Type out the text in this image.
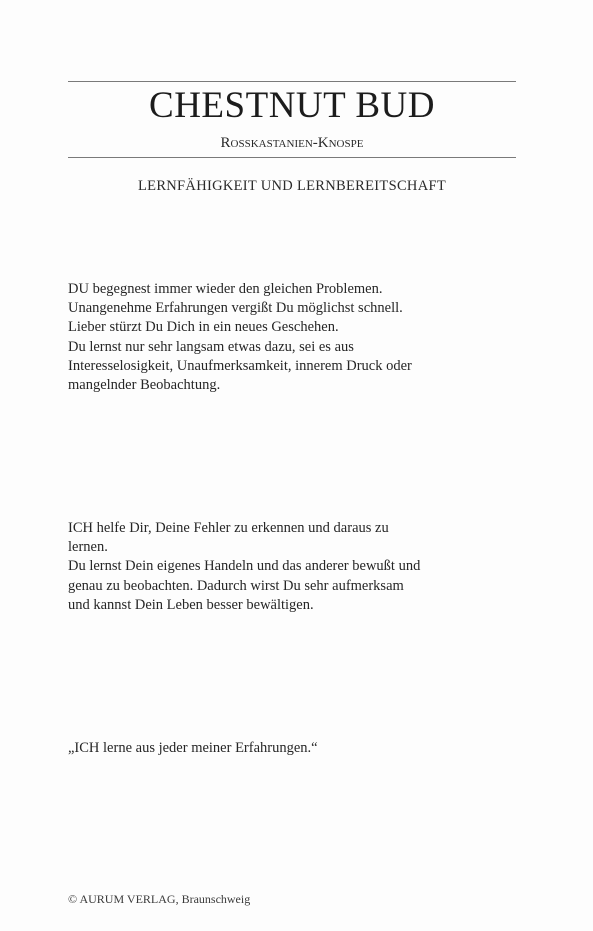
CHESTNUT BUD
Rosskastanien-Knospe
LERNFÄHIGKEIT UND LERNBEREITSCHAFT
DU begegnest immer wieder den gleichen Problemen.
Unangenehme Erfahrungen vergißt Du möglichst schnell.
Lieber stürzt Du Dich in ein neues Geschehen.
Du lernst nur sehr langsam etwas dazu, sei es aus
Interesselosigkeit, Unaufmerksamkeit, innerem Druck oder
mangelnder Beobachtung.
ICH helfe Dir, Deine Fehler zu erkennen und daraus zu
lernen.
Du lernst Dein eigenes Handeln und das anderer bewußt und
genau zu beobachten. Dadurch wirst Du sehr aufmerksam
und kannst Dein Leben besser bewältigen.
„ICH lerne aus jeder meiner Erfahrungen.“
© AURUM VERLAG, Braunschweig
